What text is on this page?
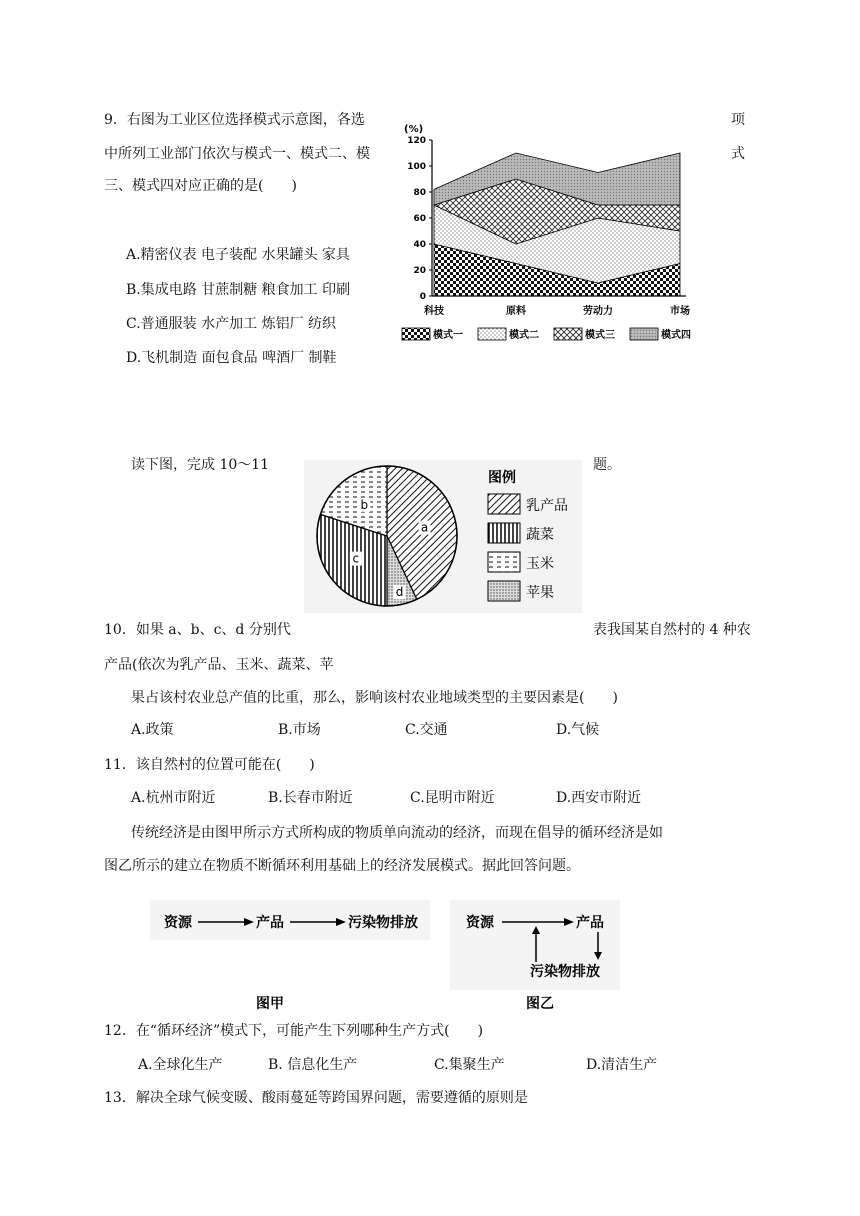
9．右图为工业区位选择模式示意图，各选	项
中所列工业部门依次与模式一、模式二、模	式
三、模式四对应正确的是(　　)
A.精密仪表 电子装配 水果罐头 家具
B.集成电路 甘蔗制糖 粮食加工 印刷
C.普通服装 水产加工 炼铝厂 纺织
D.飞机制造 面包食品 啤酒厂 制鞋
(%)
0
20
40
60
80
100
120
科技	原料	劳动力	市场
模式一	模式二	模式三	模式四
读下图，完成 10～11	题。
a
d
c
b
图例
乳产品
蔬菜
玉米
苹果
10．如果 a、b、c、d 分别代	表我国某自然村的 4 种农
产品(依次为乳产品、玉米、蔬菜、苹
果占该村农业总产值的比重，那么，影响该村农业地域类型的主要因素是(　　)
A.政策	B.市场	C.交通	D.气候
11．该自然村的位置可能在(　　)
A.杭州市附近	B.长春市附近	C.昆明市附近	D.西安市附近
传统经济是由图甲所示方式所构成的物质单向流动的经济，而现在倡导的循环经济是如
图乙所示的建立在物质不断循环利用基础上的经济发展模式。据此回答问题。
资源	产品	污染物排放
图甲
资源	产品
污染物排放
图乙
12．在“循环经济”模式下，可能产生下列哪种生产方式(　　)
A.全球化生产	B. 信息化生产	C.集聚生产	D.清洁生产
13．解决全球气候变暖、酸雨蔓延等跨国界问题，需要遵循的原则是
